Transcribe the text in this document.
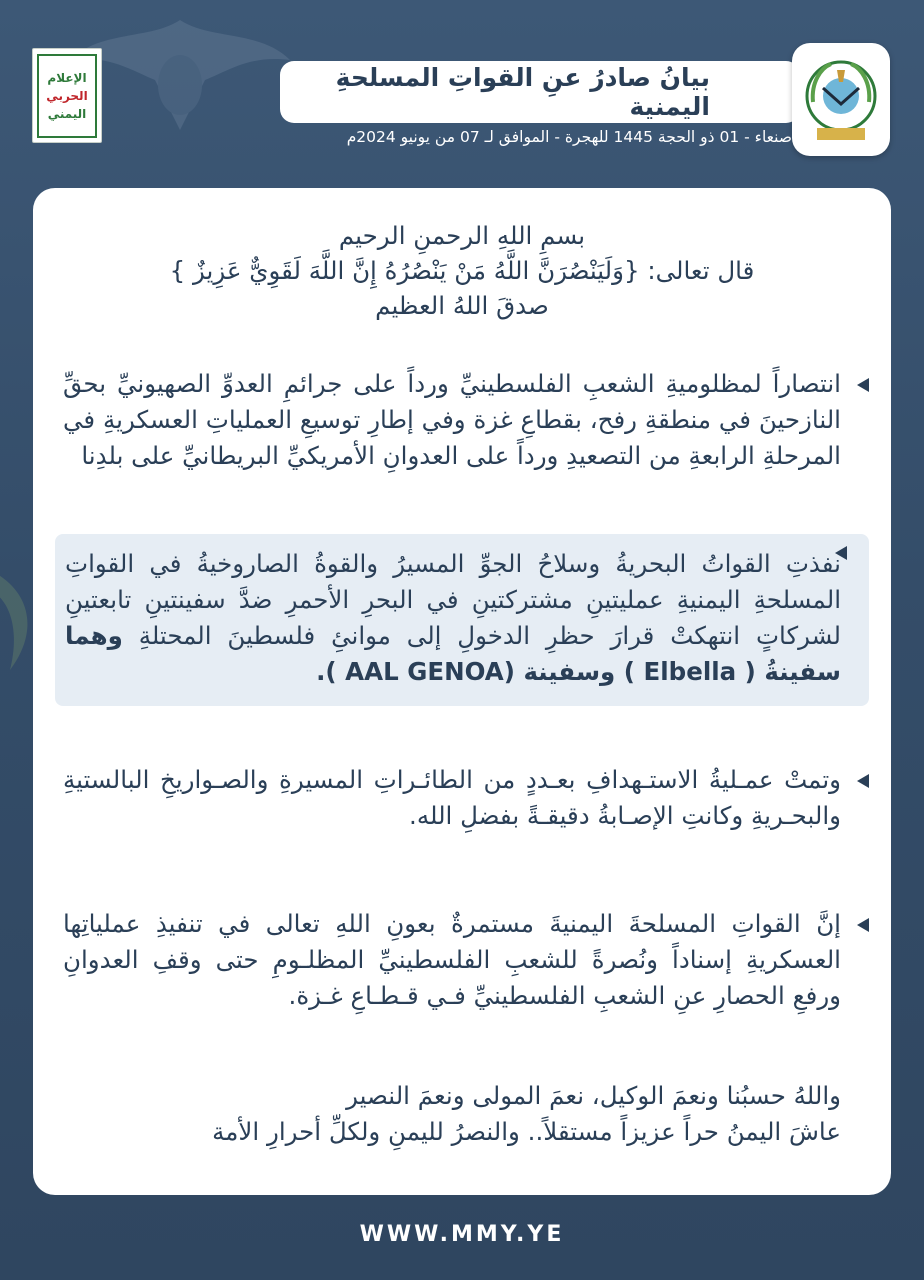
الإعلام
الحربي
اليمني
بيانُ صادرُ عنِ القواتِ المسلحةِ اليمنية
صنعاء - 01 ذو الحجة 1445 للهجرة - الموافق لـ 07 من يونيو 2024م
بسمِ اللهِ الرحمنِ الرحيم
قال تعالى: {وَلَيَنْصُرَنَّ اللَّهُ مَنْ يَنْصُرُهُ إِنَّ اللَّهَ لَقَوِيٌّ عَزِيزٌ }
صدقَ اللهُ العظيم
انتصاراً لمظلوميةِ الشعبِ الفلسطينيِّ ورداً على جرائمِ العدوِّ الصهيونيِّ بحقِّ النازحينَ في منطقةِ رفح، بقطاعِ غزة وفي إطارِ توسيعِ العملياتِ العسكريةِ في المرحلةِ الرابعةِ من التصعيدِ ورداً على العدوانِ الأمريكيِّ البريطانيِّ على بلدِنا
نفذتِ القواتُ البحريةُ وسلاحُ الجوِّ المسيرُ والقوةُ الصاروخيةُ في القواتِ المسلحةِ اليمنيةِ عمليتينِ مشتركتينِ في البحرِ الأحمرِ ضدَّ سفينتينِ تابعتينِ لشركاتٍ انتهكتْ قرارَ حظرِ الدخولِ إلى موانئِ فلسطينَ المحتلةِ وهما سفينةُ ( Elbella ) وسفينة (AAL GENOA ).
وتمتْ عمـليةُ الاستـهدافِ بعـددٍ من الطائـراتِ المسيرةِ والصـواريخِ البالستيةِ والبحـريةِ وكانتِ الإصـابةُ دقيقـةً بفضلِ الله.
إنَّ القواتِ المسلحةَ اليمنيةَ مستمرةٌ بعونِ اللهِ تعالى في تنفيذِ عملياتِها العسكريةِ إسناداً ونُصرةً للشعبِ الفلسطينيِّ المظلـومِ حتى وقفِ العدوانِ ورفعِ الحصارِ عنِ الشعبِ الفلسطينيِّ فـي قـطـاعِ غـزة.
واللهُ حسبُنا ونعمَ الوكيل، نعمَ المولى ونعمَ النصير
عاشَ اليمنُ حراً عزيزاً مستقلاً.. والنصرُ لليمنِ ولكلِّ أحرارِ الأمة
WWW.MMY.YE
